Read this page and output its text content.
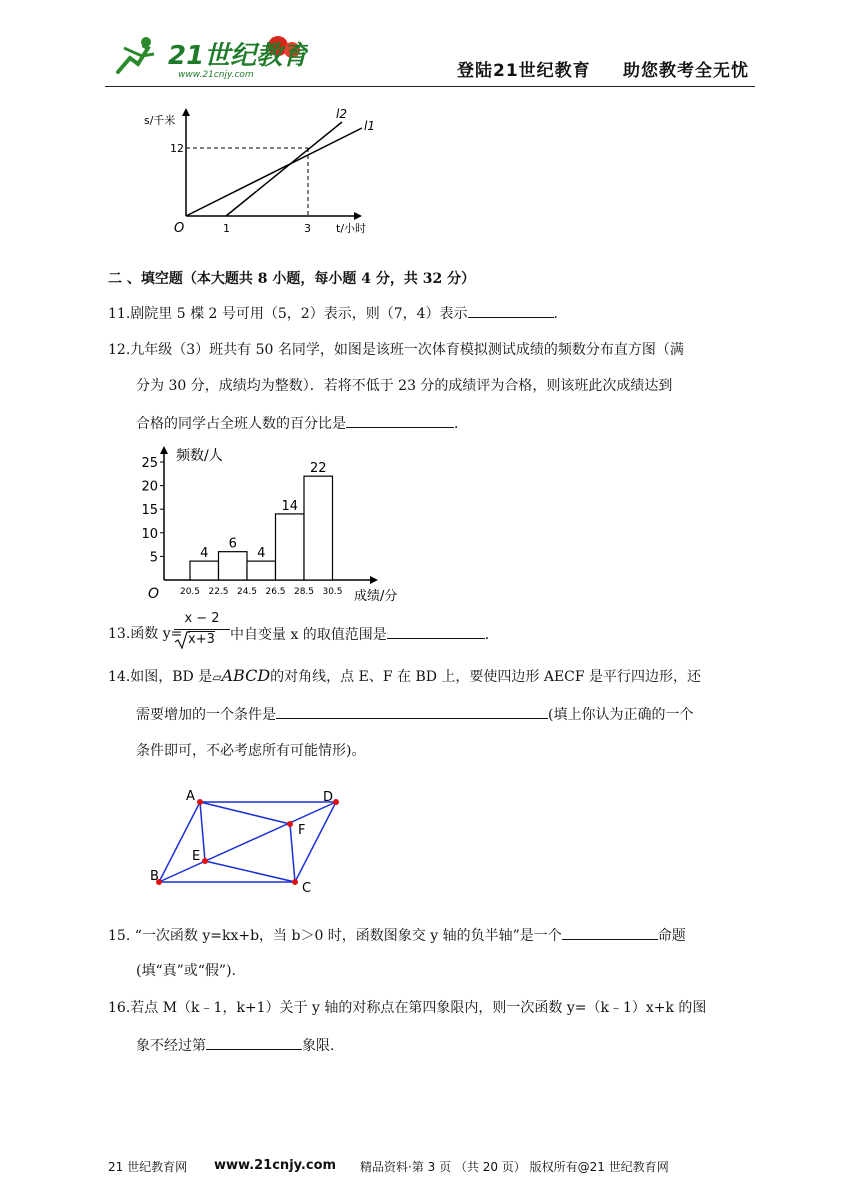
21世纪教育
www.21cnjy.com	登陆21世纪教育 助您教考全无忧
s/千米
12
O	1	3 t/小时
l2
l1
二 、填空题（本大题共 8 小题，每小题 4 分，共 32 分）
11.剧院里 5 楪 2 号可用（5，2）表示，则（7，4）表示	.
12.九年级（3）班共有 50 名同学，如图是该班一次体育模拟测试成绩的频数分布直方图（满
分为 30 分，成绩均为整数）．若将不低于 23 分的成绩评为合格，则该班此次成绩达到
合格的同学占全班人数的百分比是	．
频数/人
成绩/分
O
4
6
4
14
22
5
10
15
20
25
20.5 22.5 24.5 26.5 28.5 30.5
13.函数 y=
x − 2
x+3	中自变量 x 的取值范围是	．
14.如图，BD 是▱ABCD的对角线，点 E、F 在 BD 上，要使四边形 AECF 是平行四边形，还
需要增加的一个条件是	(填上你认为正确的一个
条件即可，不必考虑所有可能情形)。
A	D
C
B
E
F
15. “一次函数 y=kx+b，当 b＞0 时，函数图象交 y 轴的负半轴”是一个	命题
(填“真”或“假”).
16.若点 M（k﹣1，k+1）关于 y 轴的对称点在第四象限内，则一次函数 y=（k﹣1）x+k 的图
象不经过第	象限.
21 世纪教育网 www.21cnjy.com 精品资料·第 3 页 （共 20 页） 版权所有@21 世纪教育网
